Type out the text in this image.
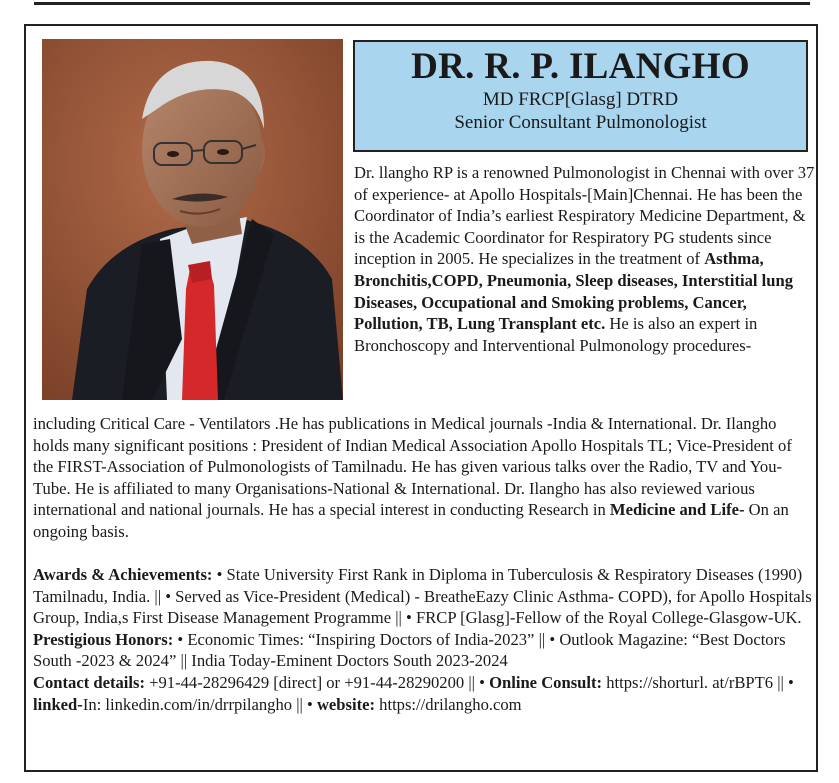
DR. R. P. ILANGHO
MD FRCP[Glasg] DTRD
Senior Consultant Pulmonologist

Dr. llangho RP is a renowned Pulmonologist in Chennai with over 37 of experience- at Apollo Hospitals-[Main]Chennai. He has been the Coordinator of India’s earliest Respiratory Medicine Department, & is the Academic Coordinator for Respiratory PG students since inception in 2005. He specializes in the treatment of Asthma, Bronchitis,COPD, Pneumonia, Sleep diseases, Interstitial lung Diseases, Occupational and Smoking problems, Cancer, Pollution, TB, Lung Transplant etc. He is also an expert in Bronchoscopy and Interventional Pulmonology procedures-

including Critical Care - Ventilators .He has publications in Medical journals -India & International. Dr. Ilangho holds many significant positions : President of Indian Medical Association Apollo Hospitals TL; Vice-President of the FIRST-Association of Pulmonologists of Tamilnadu. He has given various talks over the Radio, TV and You-Tube. He is affiliated to many Organisations-National & International. Dr. Ilangho has also reviewed various international and national journals. He has a special interest in conducting Research in Medicine and Life- On an ongoing basis.

Awards & Achievements: • State University First Rank in Diploma in Tuberculosis & Respiratory Diseases (1990) Tamilnadu, India. || • Served as Vice-President (Medical) - BreatheEazy Clinic Asthma- COPD), for Apollo Hospitals Group, India,s First Disease Management Programme || • FRCP [Glasg]-Fellow of the Royal College-Glasgow-UK.

Prestigious Honors: • Economic Times: “Inspiring Doctors of India-2023” || • Outlook Magazine: “Best Doctors South -2023 & 2024” || India Today-Eminent Doctors South 2023-2024

Contact details: +91-44-28296429 [direct] or +91-44-28290200 || • Online Consult: https://shorturl. at/rBPT6 || • linked-In: linkedin.com/in/drrpilangho || • website: https://drilangho.com
